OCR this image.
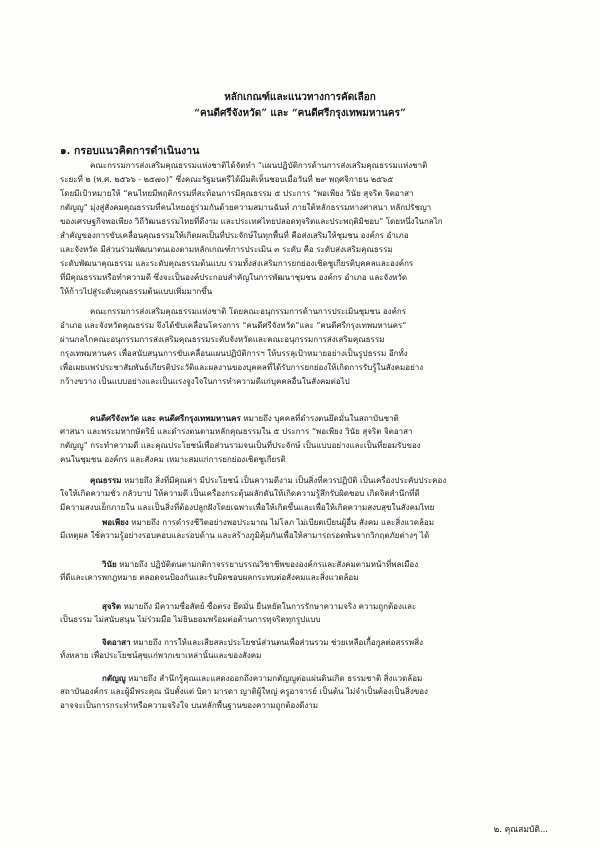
หลักเกณฑ์และแนวทางการคัดเลือก
“คนดีศรีจังหวัด” และ “คนดีศรีกรุงเทพมหานคร”
๑. กรอบแนวคิดการดำเนินงาน
คณะกรรมการส่งเสริมคุณธรรมแห่งชาติได้จัดทำ “แผนปฏิบัติการด้านการส่งเสริมคุณธรรมแห่งชาติ
ระยะที่ ๒ (พ.ศ. ๒๕๖๖ - ๒๕๗๐)” ซึ่งคณะรัฐมนตรีได้มีมติเห็นชอบเมื่อวันที่ ๒๙ พฤศจิกายน ๒๕๖๕
โดยมีเป้าหมายให้ “คนไทยมีพฤติกรรมที่สะท้อนการมีคุณธรรม ๕ ประการ “พอเพียง วินัย สุจริต จิตอาสา
กตัญญู” มุ่งสู่สังคมคุณธรรมที่คนไทยอยู่ร่วมกันด้วยความสมานฉันท์ ภายใต้หลักธรรมทางศาสนา หลักปรัชญา
ของเศรษฐกิจพอเพียง วิถีวัฒนธรรมไทยที่ดีงาม และประเทศไทยปลอดทุจริตและประพฤติมิชอบ” โดยหนึ่งในกลไก
สำคัญของการขับเคลื่อนคุณธรรมให้เกิดผลเป็นที่ประจักษ์ในทุกพื้นที่ คือส่งเสริมให้ชุมชน องค์กร อำเภอ
และจังหวัด มีส่วนร่วมพัฒนาตนเองตามหลักเกณฑ์การประเมิน ๓ ระดับ คือ ระดับส่งเสริมคุณธรรม
ระดับพัฒนาคุณธรรม และระดับคุณธรรมต้นแบบ รวมทั้งส่งเสริมการยกย่องเชิดชูเกียรติบุคคลและองค์กร
ที่มีคุณธรรมหรือทำความดี ซึ่งจะเป็นองค์ประกอบสำคัญในการพัฒนาชุมชน องค์กร อำเภอ และจังหวัด
ให้ก้าวไปสู่ระดับคุณธรรมต้นแบบเพิ่มมากขึ้น
คณะกรรมการส่งเสริมคุณธรรมแห่งชาติ โดยคณะอนุกรรมการด้านการประเมินชุมชน องค์กร
อำเภอ และจังหวัดคุณธรรม จึงได้ขับเคลื่อนโครงการ “คนดีศรีจังหวัด”และ “คนดีศรีกรุงเทพมหานคร”
ผ่านกลไกคณะอนุกรรมการส่งเสริมคุณธรรมระดับจังหวัดและคณะอนุกรรมการส่งเสริมคุณธรรม
กรุงเทพมหานคร เพื่อสนับสนุนการขับเคลื่อนแผนปฏิบัติการฯ ให้บรรลุเป้าหมายอย่างเป็นรูปธรรม อีกทั้ง
เพื่อเผยแพร่ประชาสัมพันธ์เกียรติประวัติและผลงานของบุคคลที่ได้รับการยกย่องให้เกิดการรับรู้ในสังคมอย่าง
กว้างขวาง เป็นแบบอย่างและเป็นแรงจูงใจในการทำความดีแก่บุคคลอื่นในสังคมต่อไป
คนดีศรีจังหวัด และ คนดีศรีกรุงเทพมหานคร หมายถึง บุคคลที่ดำรงตนยึดมั่นในสถาบันชาติ
ศาสนา และพระมหากษัตริย์ และดำรงตนตามหลักคุณธรรมใน ๕ ประการ “พอเพียง วินัย สุจริต จิตอาสา
กตัญญู” กระทำความดี และคุณประโยชน์เพื่อส่วนรวมจนเป็นที่ประจักษ์ เป็นแบบอย่างและเป็นที่ยอมรับของ
คนในชุมชน องค์กร และสังคม เหมาะสมแก่การยกย่องเชิดชูเกียรติ
คุณธรรม หมายถึง สิ่งที่มีคุณค่า มีประโยชน์ เป็นความดีงาม เป็นสิ่งที่ควรปฏิบัติ เป็นเครื่องประคับประคอง
ใจให้เกิดความชั่ว กลัวบาป ให้ความดี เป็นเครื่องกระตุ้นผลักดันให้เกิดความรู้สึกรับผิดชอบ เกิดจิตสำนึกที่ดี
มีความสงบเย็กภายใน และเป็นสิ่งที่ต้องปลูกฝังโดยเฉพาะเพื่อให้เกิดขึ้นและเพื่อให้เกิดความสงบสุขในสังคมไทย
พอเพียง หมายถึง การดำรงชีวิตอย่างพอประมาณ ไม่โลภ ไม่เบียดเบียนผู้อื่น สังคม และสิ่งแวดล้อม
มีเหตุผล ใช้ความรู้อย่างรอบคอบและรอบด้าน และสร้างภูมิคุ้มกันเพื่อให้สามารถรอดพ้นจากวิกฤตภัยต่างๆ ได้
วินัย หมายถึง ปฏิบัติตนตามกติกาจรรยาบรรณวิชาชีพขององค์กรและสังคมตามหน้าที่พลเมือง
ที่ดีและเคารพกฎหมาย ตลอดจนป้องกันและรับผิดชอบผลกระทบต่อสังคมและสิ่งแวดล้อม
สุจริต หมายถึง มีความซื่อสัตย์ ซื่อตรง ยึดมั่น ยืนหยัดในการรักษาความจริง ความถูกต้องและ
เป็นธรรม ไม่สนับสนุน ไม่ร่วมมือ ไม่ยินยอมพร้อมต่อต้านการทุจริตทุกรูปแบบ
จิตอาสา หมายถึง การให้และเสียสละประโยชน์ส่วนตนเพื่อส่วนรวม ช่วยเหลือเกื้อกูลต่อสรรพสิ่ง
ทั้งหลาย เพื่อประโยชน์สุขแก่พวกเขาเหล่านั้นและของสังคม
กตัญญู หมายถึง สำนึกรู้คุณและแสดงออกถึงความกตัญญูต่อแผ่นดินเกิด ธรรมชาติ สิ่งแวดล้อม
สถาบันองค์กร และผู้มีพระคุณ นับตั้งแต่ บิดา มารดา ญาติผู้ใหญ่ ครูอาจารย์ เป็นต้น ไม่จำเป็นต้องเป็นสิ่งของ
อาจจะเป็นการกระทำหรือความจริงใจ บนหลักพื้นฐานของความถูกต้องดีงาม
๒. คุณสมบัติ...
